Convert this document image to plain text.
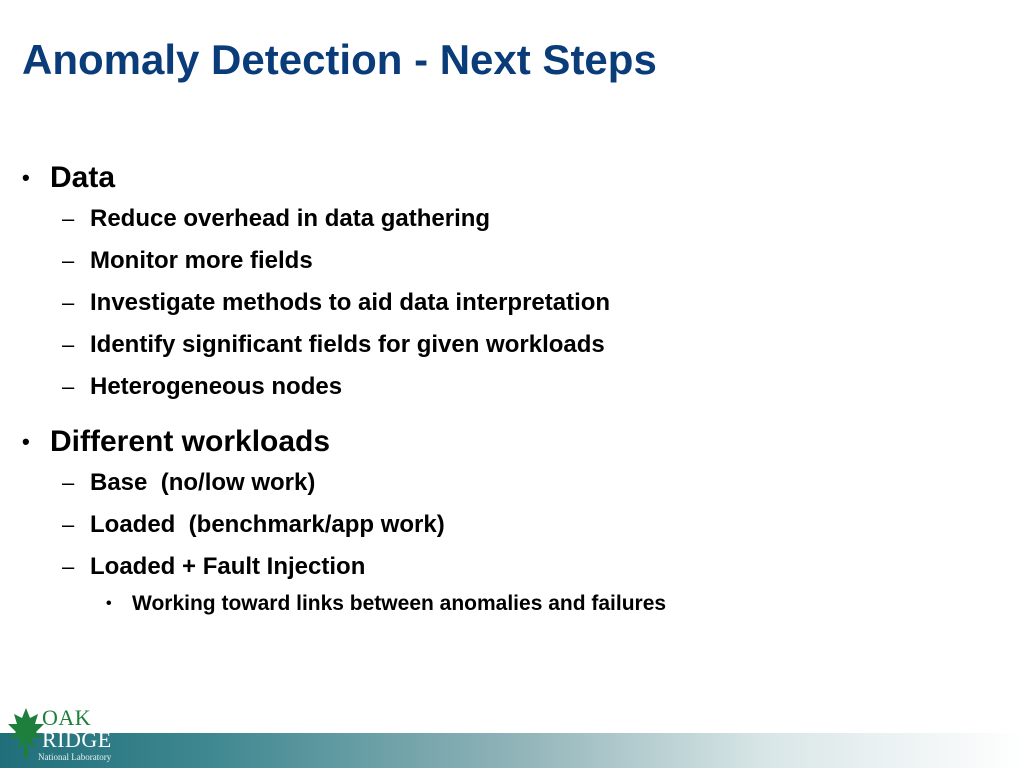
Anomaly Detection - Next Steps
• Data
– Reduce overhead in data gathering
– Monitor more fields
– Investigate methods to aid data interpretation
– Identify significant fields for given workloads
– Heterogeneous nodes
• Different workloads
– Base  (no/low work)
– Loaded  (benchmark/app work)
– Loaded + Fault Injection
• Working toward links between anomalies and failures
OAK
RIDGE
National Laboratory
